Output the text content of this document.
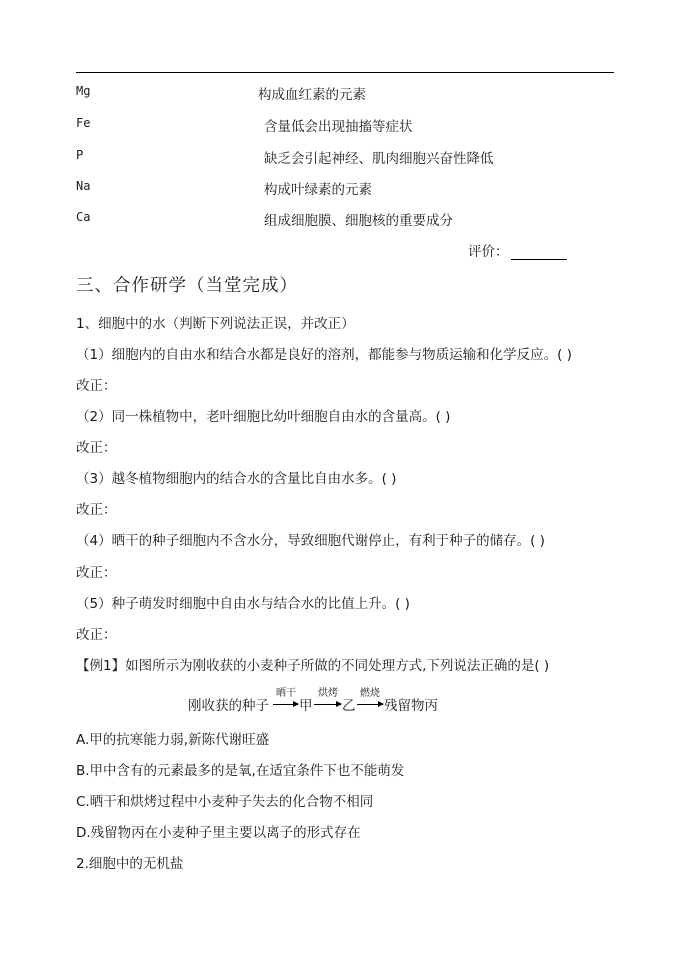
Mg	构成血红素的元素
Fe	含量低会出现抽搐等症状
P	缺乏会引起神经、肌肉细胞兴奋性降低
Na	构成叶绿素的元素
Ca	组成细胞膜、细胞核的重要成分
评价：
三、合作研学（当堂完成）
1、细胞中的水（判断下列说法正误，并改正）
（1）细胞内的自由水和结合水都是良好的溶剂，都能参与物质运输和化学反应。( )
改正：
（2）同一株植物中，老叶细胞比幼叶细胞自由水的含量高。( )
改正：
（3）越冬植物细胞内的结合水的含量比自由水多。( )
改正：
（4）晒干的种子细胞内不含水分，导致细胞代谢停止，有利于种子的储存。( )
改正：
（5）种子萌发时细胞中自由水与结合水的比值上升。( )
改正：
【例1】如图所示为刚收获的小麦种子所做的不同处理方式,下列说法正确的是( )
刚收获的种子
晒干
甲
烘烤
乙
燃烧
残留物丙
A.甲的抗寒能力弱,新陈代谢旺盛
B.甲中含有的元素最多的是氧,在适宜条件下也不能萌发
C.晒干和烘烤过程中小麦种子失去的化合物不相同
D.残留物丙在小麦种子里主要以离子的形式存在
2.细胞中的无机盐
